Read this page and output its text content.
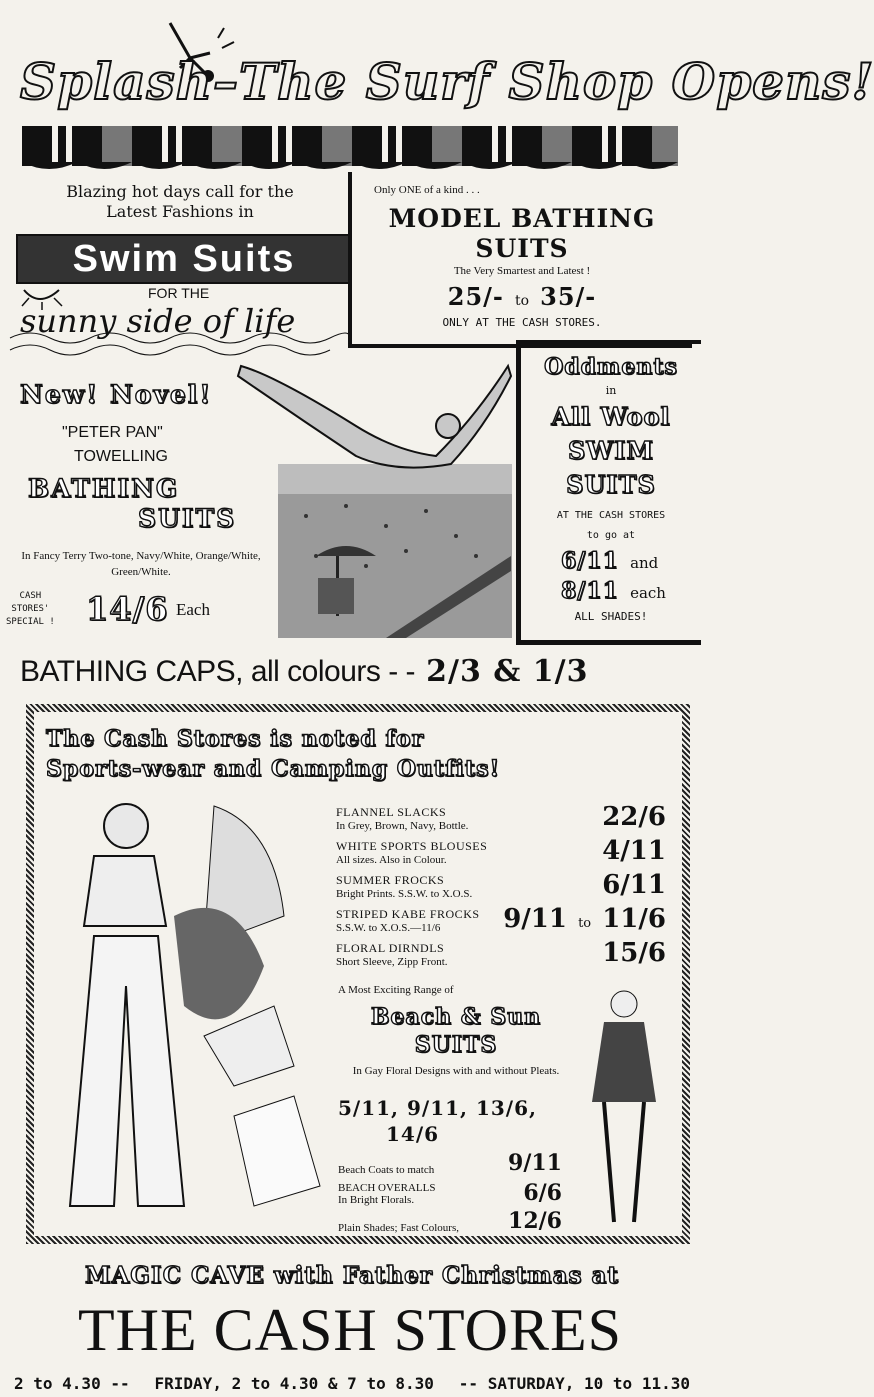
Splash–The Surf Shop Opens!
Blazing hot days call for the Latest Fashions in
Swim Suits
FOR THE
sunny side of life
Only ONE of a kind . . .
MODEL BATHING
SUITS
The Very Smartest and Latest !
25/- to 35/-
ONLY AT THE CASH STORES.
New! Novel!
"PETER PAN"
TOWELLING
BATHING
SUITS
In Fancy Terry Two-tone, Navy/White, Orange/White, Green/White.
CASH
STORES'
SPECIAL ! 14/6 Each
Oddments
in
All Wool
SWIM
SUITS
AT THE CASH STORES
to go at
6/11 and
8/11 each
ALL SHADES!
BATHING CAPS, all colours - - 2/3 & 1/3
The Cash Stores is noted for
Sports-wear and Camping Outfits!
FLANNEL SLACKS
In Grey, Brown, Navy, Bottle.	22/6
WHITE SPORTS BLOUSES
All sizes. Also in Colour.	4/11
SUMMER FROCKS
Bright Prints. S.S.W. to X.O.S.	6/11
STRIPED KABE FROCKS
S.S.W. to X.O.S.—11/6	9/11 to 11/6
FLORAL DIRNDLS
Short Sleeve, Zipp Front.	15/6
A Most Exciting Range of
Beach & Sun
SUITS
In Gay Floral Designs with and without Pleats.
5/11, 9/11, 13/6,
14/6
Beach Coats to match	9/11
BEACH OVERALLS
In Bright Florals.	6/6
Plain Shades; Fast Colours, 12/6
MAGIC CAVE with Father Christmas at
THE CASH STORES
2 to 4.30 -- FRIDAY, 2 to 4.30 & 7 to 8.30 -- SATURDAY, 10 to 11.30
